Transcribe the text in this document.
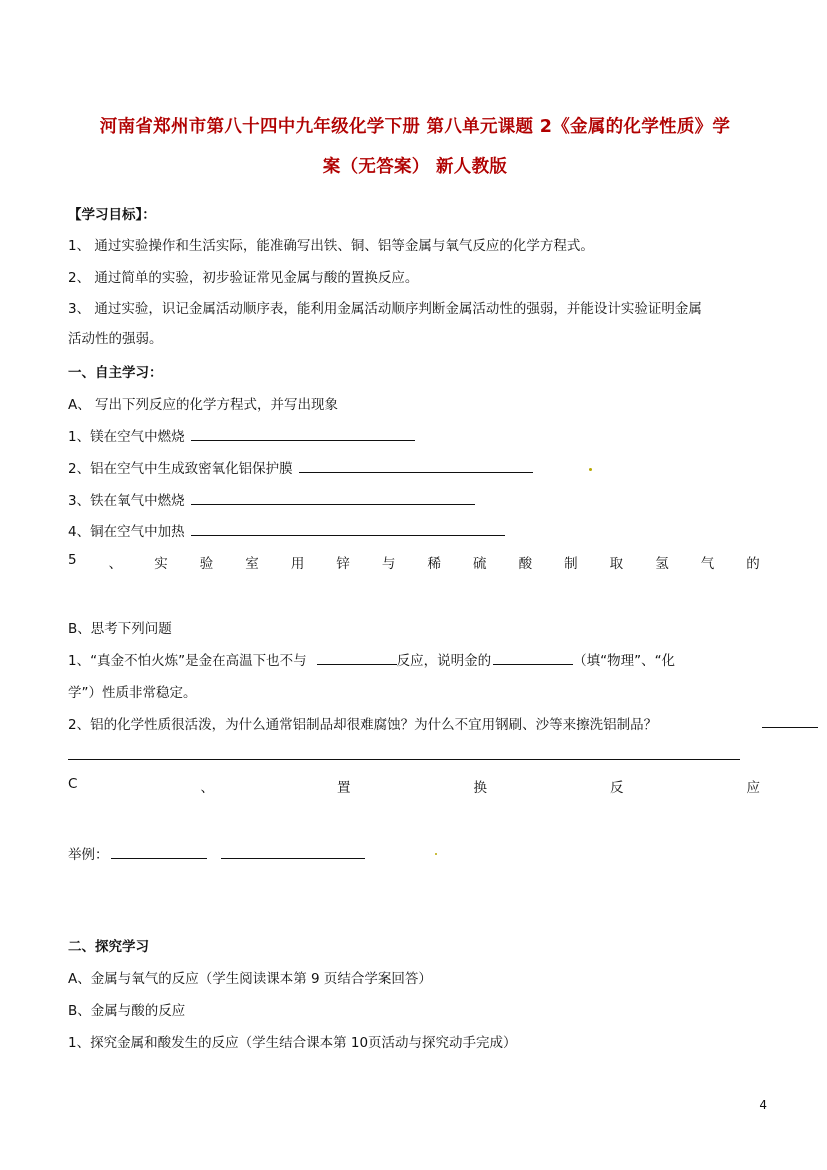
河南省郑州市第八十四中九年级化学下册 第八单元课题 2《金属的化学性质》学
案（无答案） 新人教版
【学习目标】：
1、 通过实验操作和生活实际，能准确写出铁、铜、铝等金属与氧气反应的化学方程式。
2、 通过简单的实验，初步验证常见金属与酸的置换反应。
3、 通过实验，识记金属活动顺序表，能利用金属活动顺序判断金属活动性的强弱，并能设计实验证明金属
活动性的强弱。
一、自主学习：
A、 写出下列反应的化学方程式，并写出现象
1、镁在空气中燃烧
2、铝在空气中生成致密氧化铝保护膜
3、铁在氧气中燃烧
4、铜在空气中加热
5 、 实 验 室 用 锌 与 稀 硫 酸 制 取 氢 气 的
B、思考下列问题
1、“真金不怕火炼”是金在高温下也不与	反应，说明金的	（填“物理”、“化
学”）性质非常稳定。
2、铝的化学性质很活泼，为什么通常铝制品却很难腐蚀？为什么不宜用钢刷、沙等来擦洗铝制品？
C	、	置	换	反	应
举例：
二、探究学习
A、金属与氧气的反应（学生阅读课本第 9 页结合学案回答）
B、金属与酸的反应
1、探究金属和酸发生的反应（学生结合课本第 10页活动与探究动手完成）
4
